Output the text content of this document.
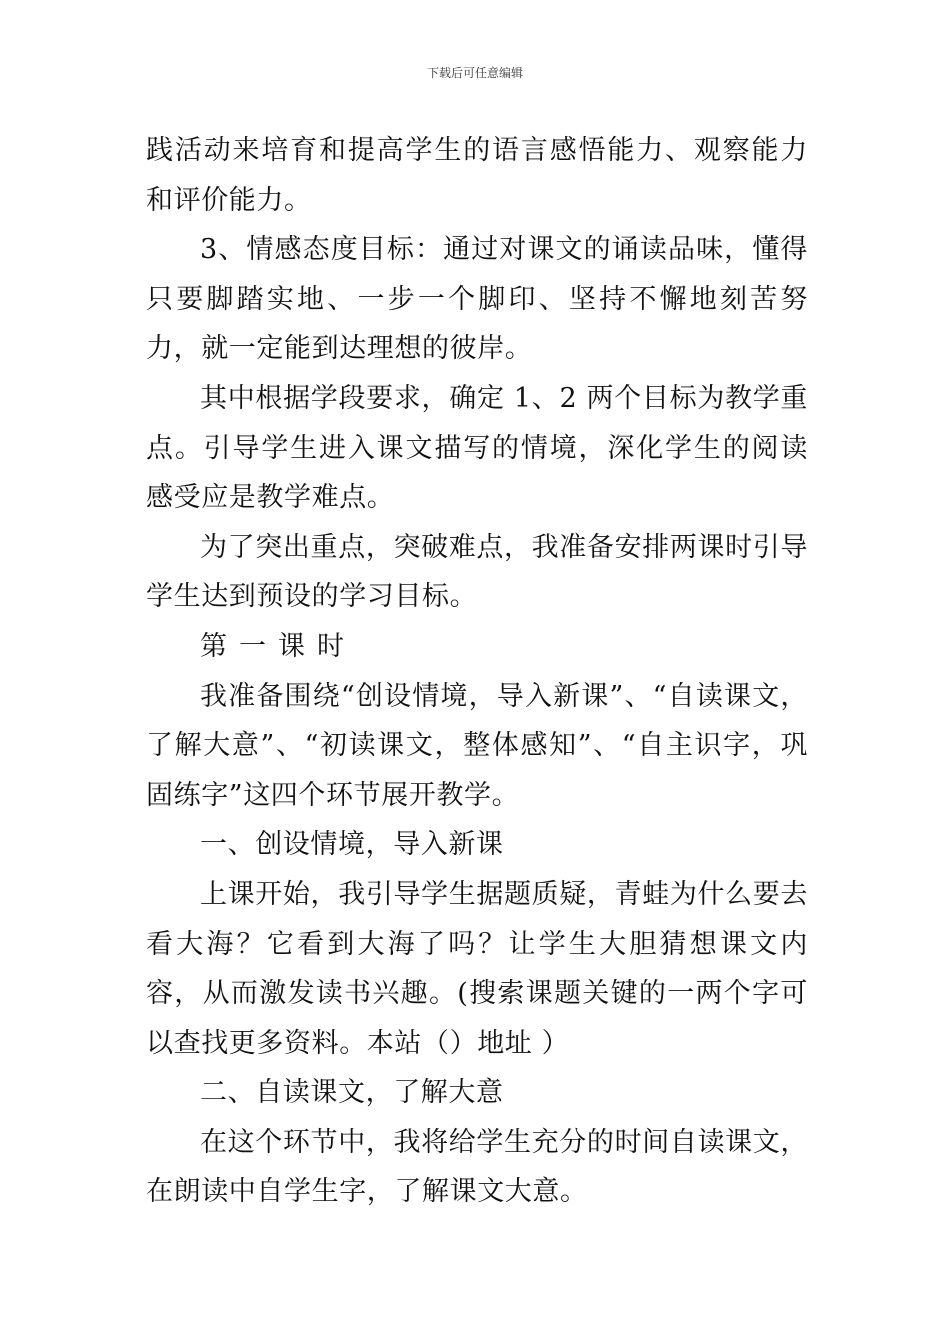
下载后可任意编辑

践活动来培育和提高学生的语言感悟能力、观察能力和评价能力。

3、情感态度目标：通过对课文的诵读品味，懂得只要脚踏实地、一步一个脚印、坚持不懈地刻苦努力，就一定能到达理想的彼岸。

其中根据学段要求，确定 1、2 两个目标为教学重点。引导学生进入课文描写的情境，深化学生的阅读感受应是教学难点。

为了突出重点，突破难点，我准备安排两课时引导学生达到预设的学习目标。

第一课时

我准备围绕“创设情境，导入新课”、“自读课文，了解大意”、“初读课文，整体感知”、“自主识字，巩固练字”这四个环节展开教学。

一、创设情境，导入新课

上课开始，我引导学生据题质疑，青蛙为什么要去看大海？它看到大海了吗？让学生大胆猜想课文内容，从而激发读书兴趣。(搜索课题关键的一两个字可以查找更多资料。本站（）地址 ）

二、自读课文，了解大意

在这个环节中，我将给学生充分的时间自读课文，在朗读中自学生字，了解课文大意。
